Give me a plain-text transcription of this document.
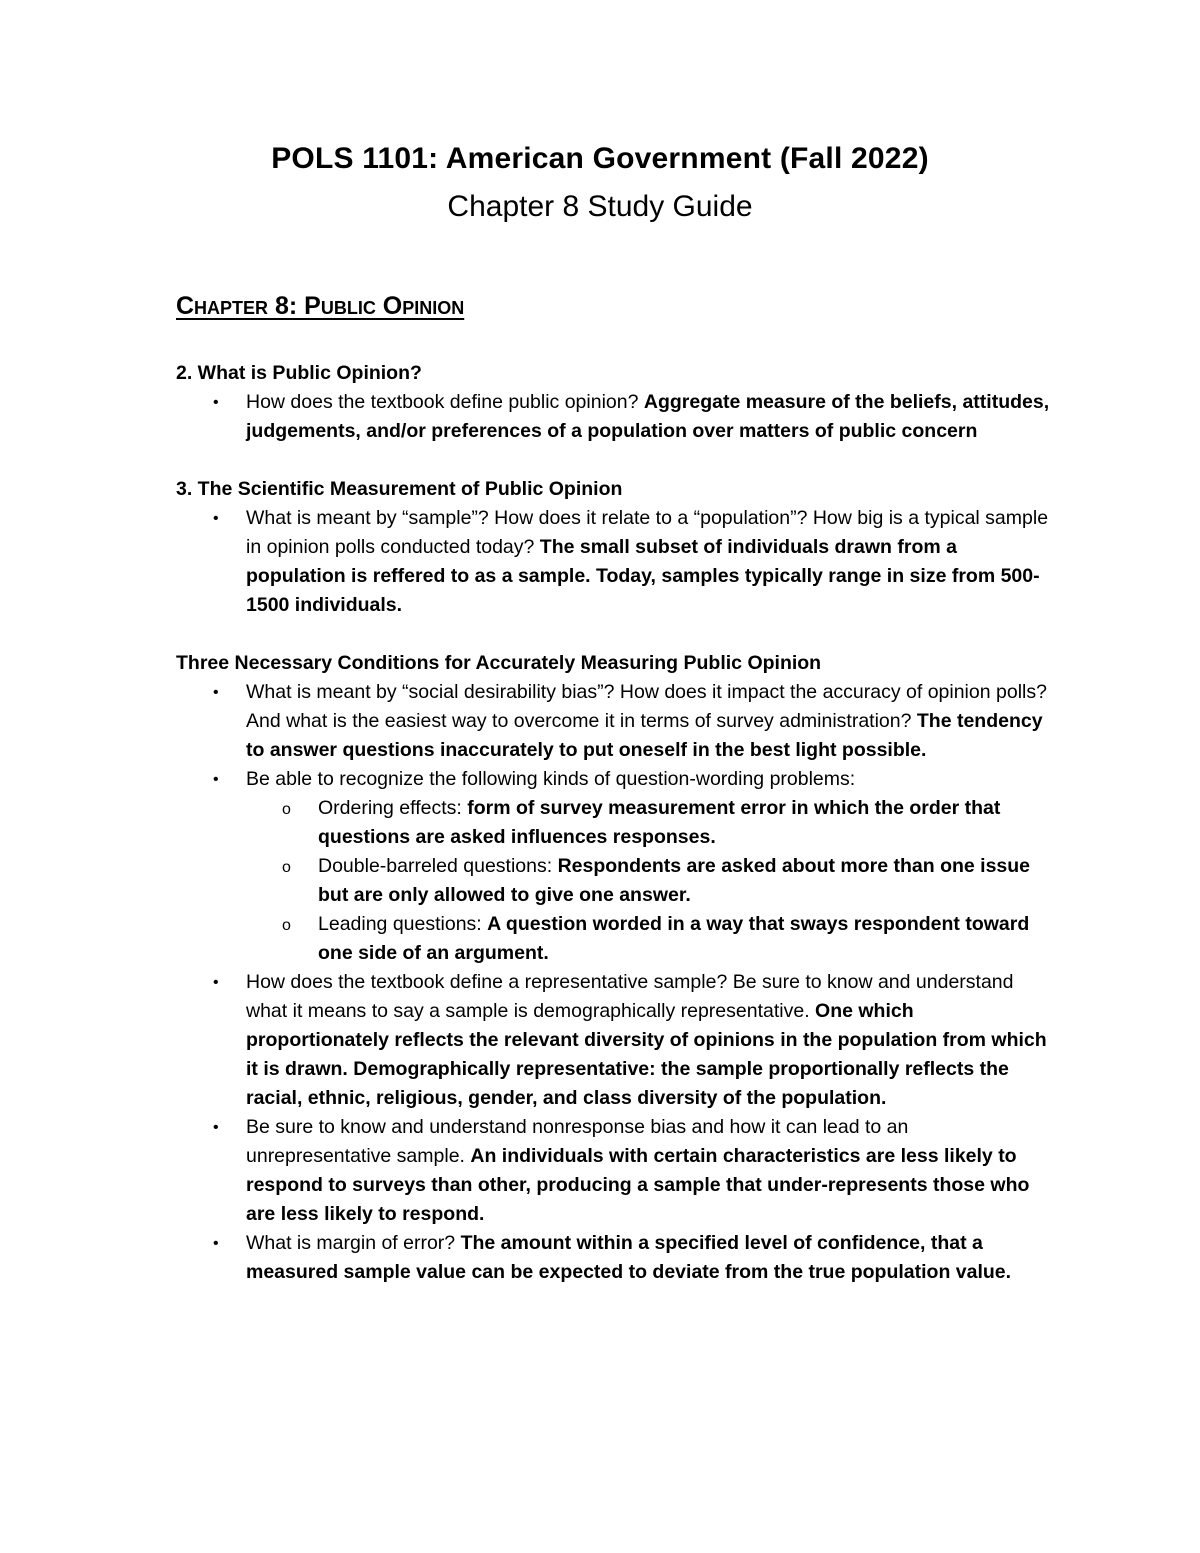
POLS 1101: American Government (Fall 2022)
Chapter 8 Study Guide
Chapter 8: Public Opinion

2. What is Public Opinion?

• How does the textbook define public opinion? Aggregate measure of the beliefs, attitudes, judgements, and/or preferences of a population over matters of public concern

3. The Scientific Measurement of Public Opinion

• What is meant by “sample”? How does it relate to a “population”? How big is a typical sample in opinion polls conducted today? The small subset of individuals drawn from a population is reffered to as a sample. Today, samples typically range in size from 500-1500 individuals.

Three Necessary Conditions for Accurately Measuring Public Opinion

• What is meant by “social desirability bias”? How does it impact the accuracy of opinion polls? And what is the easiest way to overcome it in terms of survey administration? The tendency to answer questions inaccurately to put oneself in the best light possible.
• Be able to recognize the following kinds of question-wording problems:
o Ordering effects: form of survey measurement error in which the order that questions are asked influences responses.
o Double-barreled questions: Respondents are asked about more than one issue but are only allowed to give one answer.
o Leading questions: A question worded in a way that sways respondent toward one side of an argument.
• How does the textbook define a representative sample? Be sure to know and understand what it means to say a sample is demographically representative. One which proportionately reflects the relevant diversity of opinions in the population from which it is drawn. Demographically representative: the sample proportionally reflects the racial, ethnic, religious, gender, and class diversity of the population.
• Be sure to know and understand nonresponse bias and how it can lead to an unrepresentative sample. An individuals with certain characteristics are less likely to respond to surveys than other, producing a sample that under-represents those who are less likely to respond.
• What is margin of error? The amount within a specified level of confidence, that a measured sample value can be expected to deviate from the true population value.
